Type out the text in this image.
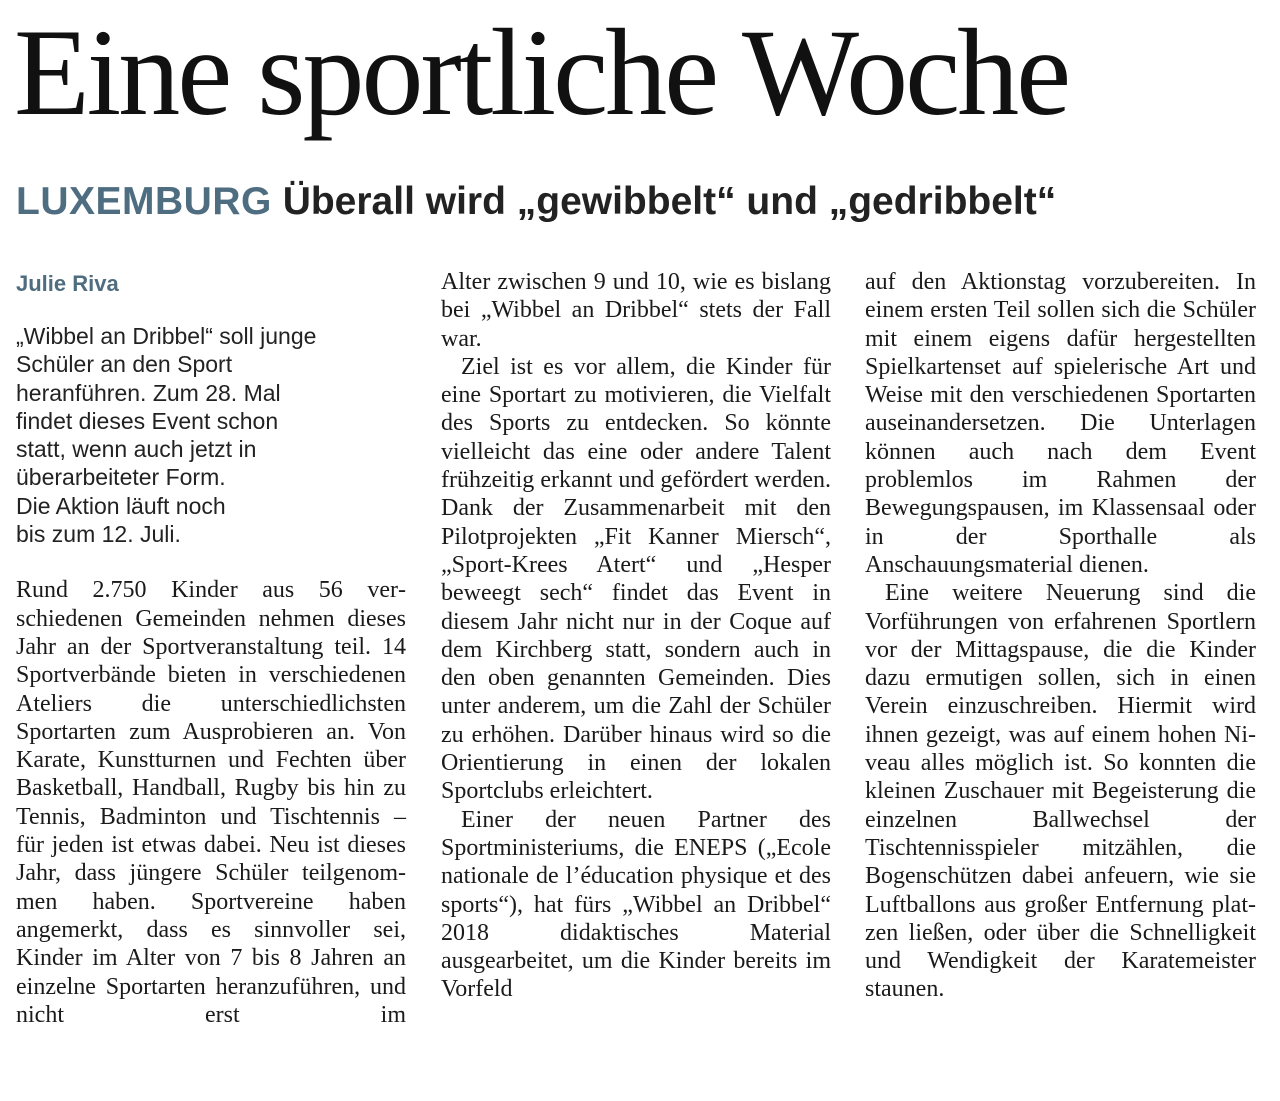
Eine sportliche Woche
LUXEMBURG Überall wird „gewibbelt“ und „gedribbelt“
Julie Riva
„Wibbel an Dribbel“ soll junge
Schüler an den Sport
heranführen. Zum 28. Mal
findet dieses Event schon
statt, wenn auch jetzt in
überarbeiteter Form.
Die Aktion läuft noch
bis zum 12. Juli.

Rund 2.750 Kinder aus 56 verschiedenen Gemeinden nehmen dieses Jahr an der Sportveranstaltung teil. 14 Sportverbände bieten in verschiedenen Ateliers die unterschiedlichsten Sportarten zum Ausprobieren an. Von Karate, Kunstturnen und Fechten über Basketball, Handball, Rugby bis hin zu Tennis, Badminton und Tischtennis – für jeden ist etwas dabei. Neu ist dieses Jahr, dass jüngere Schüler teilgenommen haben. Sportvereine haben angemerkt, dass es sinnvoller sei, Kinder im Alter von 7 bis 8 Jahren an einzelne Sportarten heranzuführen, und nicht erst im

Alter zwischen 9 und 10, wie es bislang bei „Wibbel an Dribbel“ stets der Fall war.

Ziel ist es vor allem, die Kinder für eine Sportart zu motivieren, die Vielfalt des Sports zu entdecken. So könnte vielleicht das eine oder andere Talent frühzeitig erkannt und gefördert werden. Dank der Zusammenarbeit mit den Pilotprojekten „Fit Kanner Miersch“, „Sport-Krees Atert“ und „Hesper beweegt sech“ findet das Event in diesem Jahr nicht nur in der Coque auf dem Kirchberg statt, sondern auch in den oben genannten Gemeinden. Dies unter anderem, um die Zahl der Schüler zu erhöhen. Darüber hinaus wird so die Orientierung in einen der lokalen Sportclubs erleichtert.

Einer der neuen Partner des Sportministeriums, die ENEPS („Ecole nationale de l’éducation physique et des sports“), hat fürs „Wibbel an Dribbel“ 2018 didaktisches Material ausgearbeitet, um die Kinder bereits im Vorfeld

auf den Aktionstag vorzubereiten. In einem ersten Teil sollen sich die Schüler mit einem eigens dafür hergestellten Spielkartenset auf spielerische Art und Weise mit den verschiedenen Sportarten auseinandersetzen. Die Unterlagen können auch nach dem Event problemlos im Rahmen der Bewegungspausen, im Klassensaal oder in der Sporthalle als Anschauungsmaterial dienen.

Eine weitere Neuerung sind die Vorführungen von erfahrenen Sportlern vor der Mittagspause, die die Kinder dazu ermutigen sollen, sich in einen Verein einzuschreiben. Hiermit wird ihnen gezeigt, was auf einem hohen Niveau alles möglich ist. So konnten die kleinen Zuschauer mit Begeisterung die einzelnen Ballwechsel der Tischtennisspieler mitzählen, die Bogenschützen dabei anfeuern, wie sie Luftballons aus großer Entfernung platzen ließen, oder über die Schnelligkeit und Wendigkeit der Karatemeister staunen.
